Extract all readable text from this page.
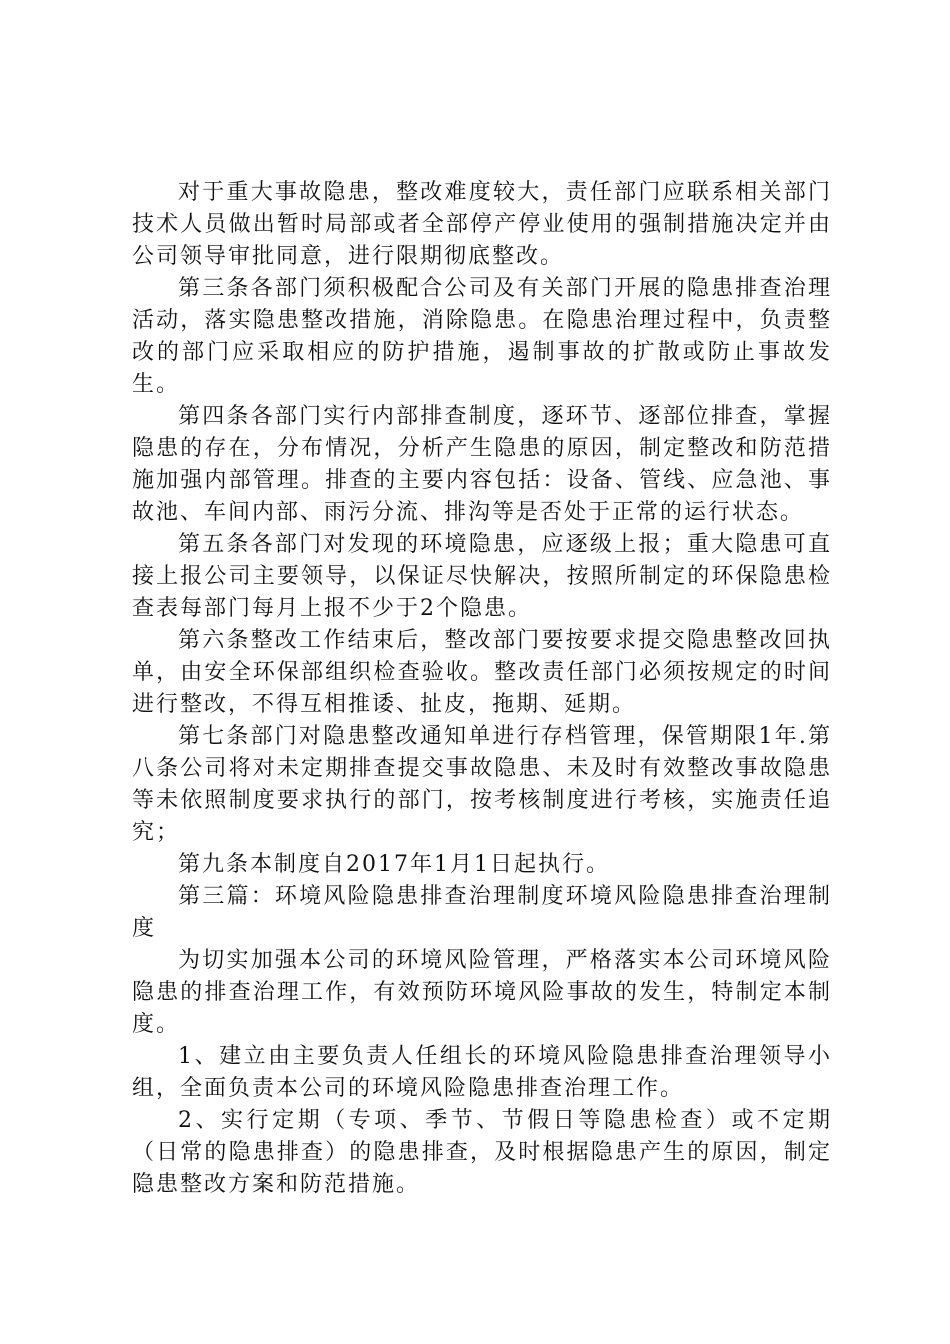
对于重大事故隐患，整改难度较大，责任部门应联系相关部门技术人员做出暂时局部或者全部停产停业使用的强制措施决定并由公司领导审批同意，进行限期彻底整改。

第三条各部门须积极配合公司及有关部门开展的隐患排查治理活动，落实隐患整改措施，消除隐患。在隐患治理过程中，负责整改的部门应采取相应的防护措施，遏制事故的扩散或防止事故发生。

第四条各部门实行内部排查制度，逐环节、逐部位排查，掌握隐患的存在，分布情况，分析产生隐患的原因，制定整改和防范措施加强内部管理。排查的主要内容包括：设备、管线、应急池、事故池、车间内部、雨污分流、排沟等是否处于正常的运行状态。

第五条各部门对发现的环境隐患，应逐级上报；重大隐患可直接上报公司主要领导，以保证尽快解决，按照所制定的环保隐患检查表每部门每月上报不少于2个隐患。

第六条整改工作结束后，整改部门要按要求提交隐患整改回执单，由安全环保部组织检查验收。整改责任部门必须按规定的时间进行整改，不得互相推诿、扯皮，拖期、延期。

第七条部门对隐患整改通知单进行存档管理，保管期限1年.第八条公司将对未定期排查提交事故隐患、未及时有效整改事故隐患等未依照制度要求执行的部门，按考核制度进行考核，实施责任追究；

第九条本制度自2017年1月1日起执行。

第三篇：环境风险隐患排查治理制度环境风险隐患排查治理制度

为切实加强本公司的环境风险管理，严格落实本公司环境风险隐患的排查治理工作，有效预防环境风险事故的发生，特制定本制度。

1、建立由主要负责人任组长的环境风险隐患排查治理领导小组，全面负责本公司的环境风险隐患排查治理工作。

2、实行定期（专项、季节、节假日等隐患检查）或不定期（日常的隐患排查）的隐患排查，及时根据隐患产生的原因，制定隐患整改方案和防范措施。
